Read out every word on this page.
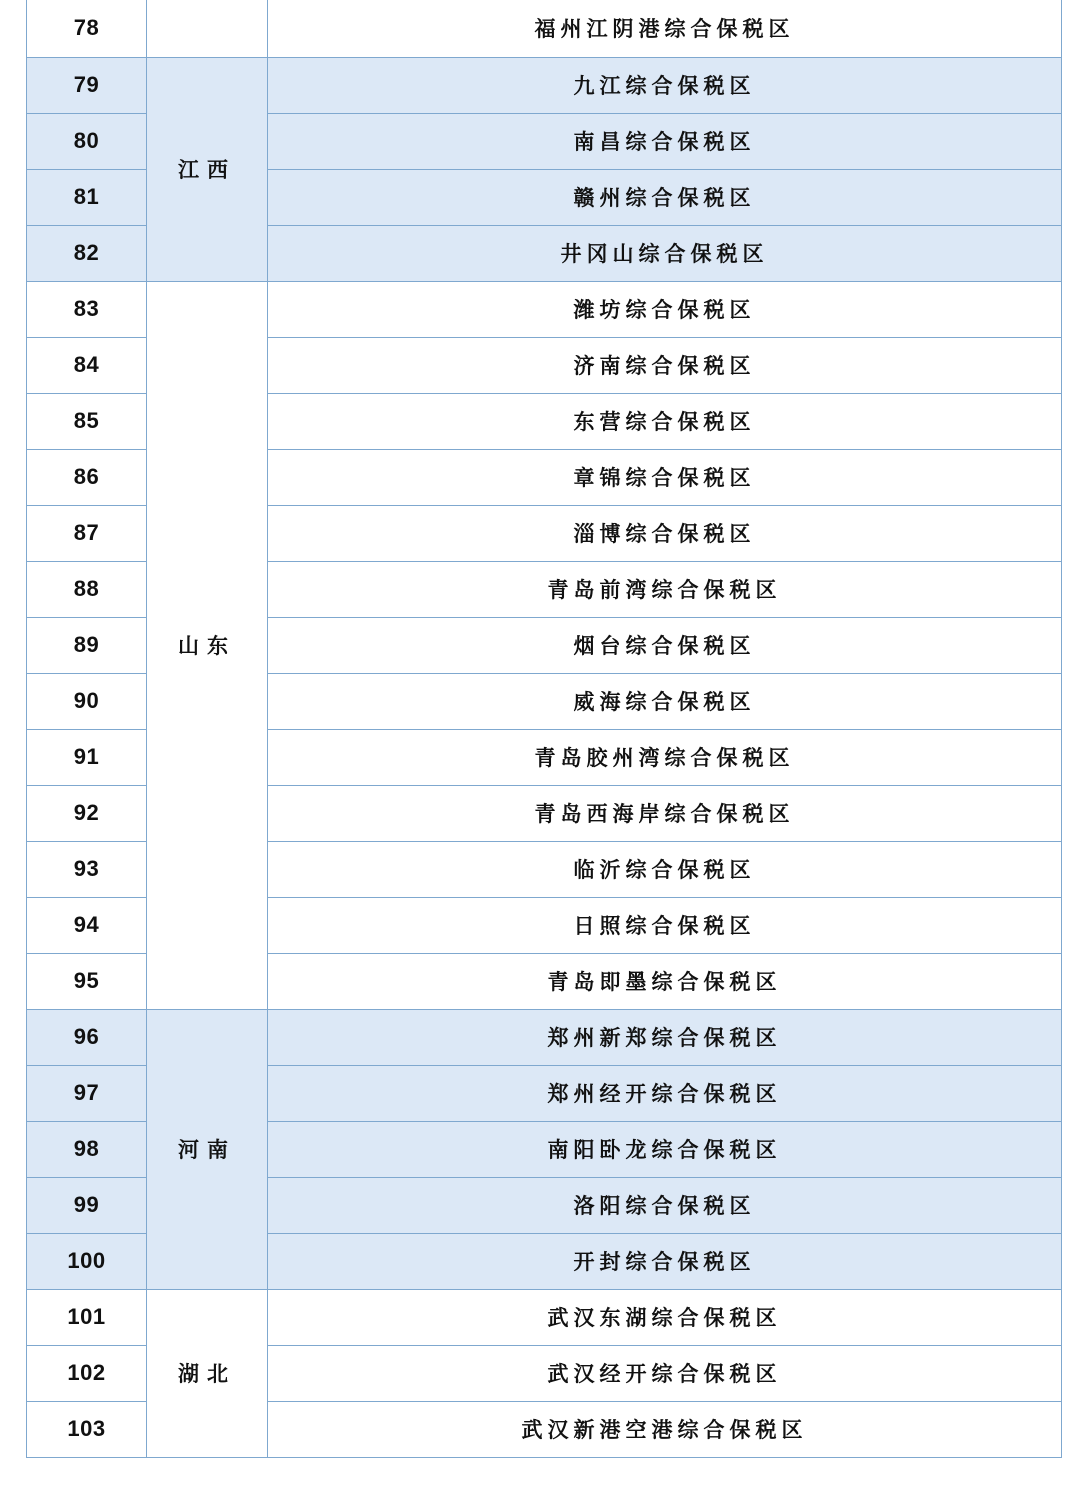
78		福州江阴港综合保税区
79	江西	九江综合保税区
80		南昌综合保税区
81		赣州综合保税区
82		井冈山综合保税区
83	山东	潍坊综合保税区
84		济南综合保税区
85		东营综合保税区
86		章锦综合保税区
87		淄博综合保税区
88		青岛前湾综合保税区
89		烟台综合保税区
90		威海综合保税区
91		青岛胶州湾综合保税区
92		青岛西海岸综合保税区
93		临沂综合保税区
94		日照综合保税区
95		青岛即墨综合保税区
96	河南	郑州新郑综合保税区
97		郑州经开综合保税区
98		南阳卧龙综合保税区
99		洛阳综合保税区
100		开封综合保税区
101	湖北	武汉东湖综合保税区
102		武汉经开综合保税区
103		武汉新港空港综合保税区
